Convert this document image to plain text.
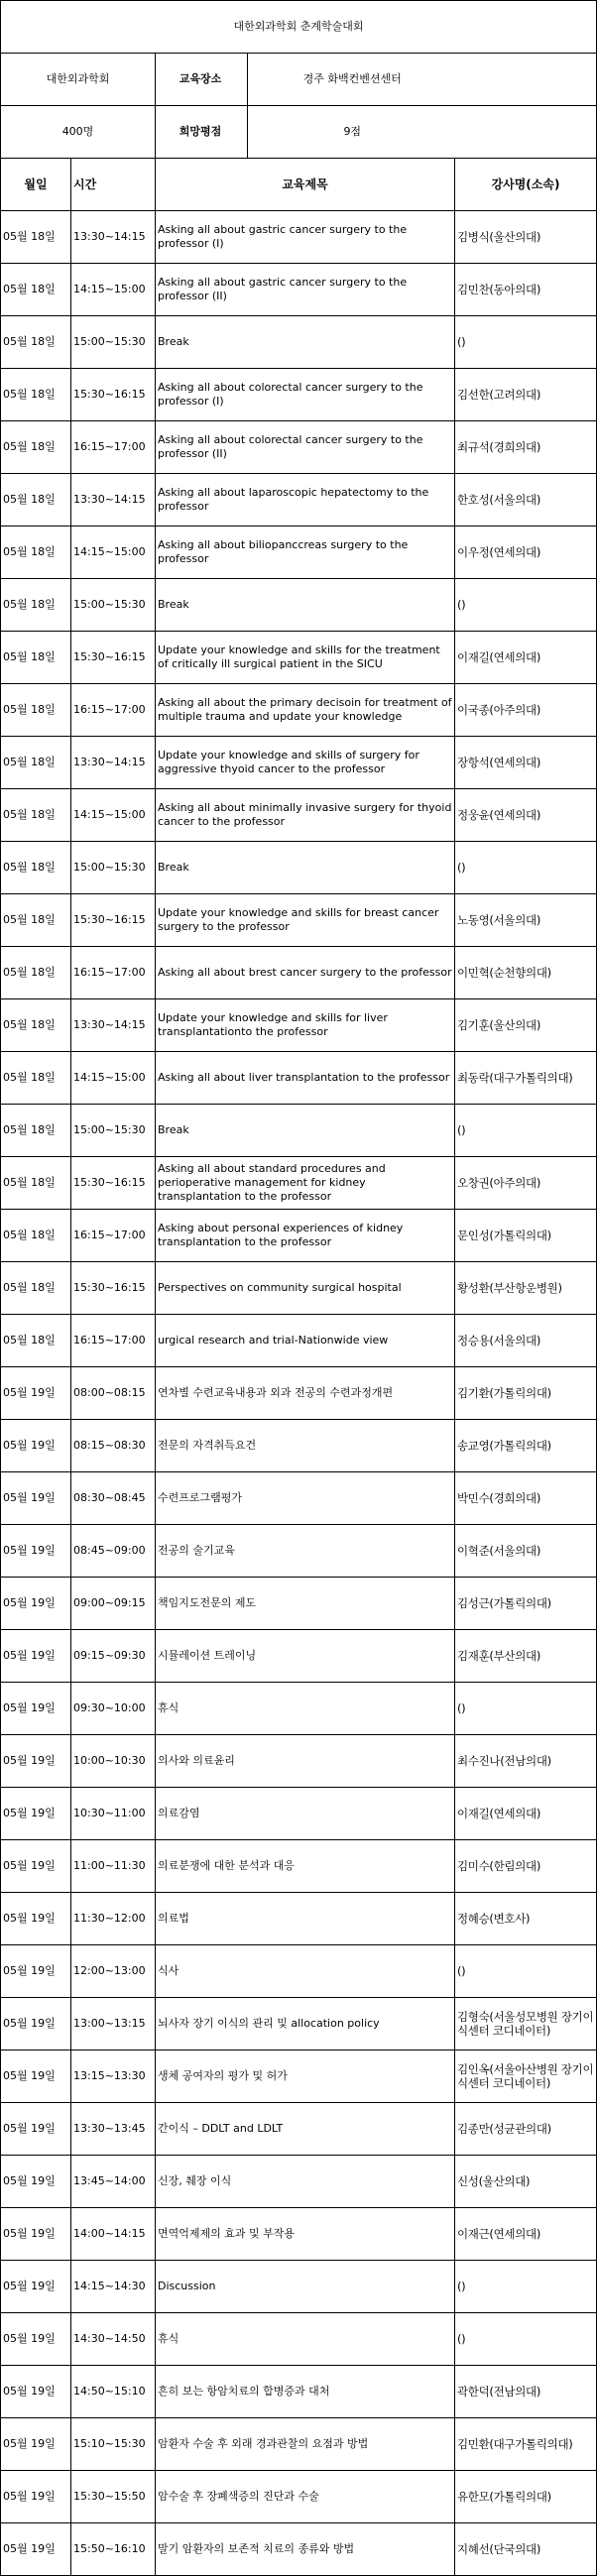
대한외과학회 춘계학술대회			
대한외과학회		교육장소 경주 화백컨벤션센터	

400명		희망평점 9점	

월일	시간	교육제목	강사명(소속)
05월 18일	13:30~14:15	Asking all about gastric cancer surgery to the professor (I)	김병식(울산의대)
05월 18일	14:15~15:00	Asking all about gastric cancer surgery to the professor (II)	김민찬(동아의대)
05월 18일	15:00~15:30	Break	()
05월 18일	15:30~16:15	Asking all about colorectal cancer surgery to the professor (I)	김선한(고려의대)
05월 18일	16:15~17:00	Asking all about colorectal cancer surgery to the professor (II)	최규석(경희의대)
05월 18일	13:30~14:15	Asking all about laparoscopic hepatectomy to the professor	한호성(서울의대)
05월 18일	14:15~15:00	Asking all about biliopanccreas surgery to the professor	이우정(연세의대)
05월 18일	15:00~15:30	Break	()
05월 18일	15:30~16:15	Update your knowledge and skills for the treatment of critically ill surgical patient in the SICU	이재길(연세의대)
05월 18일	16:15~17:00	Asking all about the primary decisoin for treatment of multiple trauma and update your knowledge	이국종(아주의대)
05월 18일	13:30~14:15	Update your knowledge and skills of surgery for aggressive thyoid cancer to the professor	장항석(연세의대)
05월 18일	14:15~15:00	Asking all about minimally invasive surgery for thyoid cancer to the professor	정웅윤(연세의대)
05월 18일	15:00~15:30	Break	()
05월 18일	15:30~16:15	Update your knowledge and skills for breast cancer surgery to the professor	노동영(서울의대)
05월 18일	16:15~17:00	Asking all about brest cancer surgery to the professor	이민혁(순천향의대)
05월 18일	13:30~14:15	Update your knowledge and skills for liver transplantationto the professor	김기훈(울산의대)
05월 18일	14:15~15:00	Asking all about liver transplantation to the professor	최동락(대구가톨릭의대)
05월 18일	15:00~15:30	Break	()
05월 18일	15:30~16:15	Asking all about standard procedures and perioperative management for kidney transplantation to the professor	오창권(아주의대)
05월 18일	16:15~17:00	Asking about personal experiences of kidney transplantation to the professor	문인성(가톨릭의대)
05월 18일	15:30~16:15	Perspectives on community surgical hospital	황성환(부산항운병원)
05월 18일	16:15~17:00	urgical research and trial-Nationwide view	정승용(서울의대)
05월 19일	08:00~08:15	연차별 수련교육내용과 외과 전공의 수련과정개편	김기환(가톨릭의대)
05월 19일	08:15~08:30	전문의 자격취득요건	송교영(가톨릭의대)
05월 19일	08:30~08:45	수련프로그램평가	박민수(경희의대)
05월 19일	08:45~09:00	전공의 술기교육	이혁준(서울의대)
05월 19일	09:00~09:15	책임지도전문의 제도	김성근(가톨릭의대)
05월 19일	09:15~09:30	시뮬레이션 트레이닝	김재훈(부산의대)
05월 19일	09:30~10:00	휴식	()
05월 19일	10:00~10:30	의사와 의료윤리	최수진나(전남의대)
05월 19일	10:30~11:00	의료감염	이재길(연세의대)
05월 19일	11:00~11:30	의료분쟁에 대한 분석과 대응	김미수(한림의대)
05월 19일	11:30~12:00	의료법	정혜승(변호사)
05월 19일	12:00~13:00	식사	()
05월 19일	13:00~13:15	뇌사자 장기 이식의 관리 및 allocation policy	김형숙(서울성모병원 장기이식센터 코디네이터)
05월 19일	13:15~13:30	생체 공여자의 평가 및 허가	김인옥(서울아산병원 장기이식센터 코디네이터)
05월 19일	13:30~13:45	간이식 – DDLT and LDLT	김종만(성균관의대)
05월 19일	13:45~14:00	신장, 췌장 이식	신성(울산의대)
05월 19일	14:00~14:15	면역억제제의 효과 및 부작용	이재근(연세의대)
05월 19일	14:15~14:30	Discussion	()
05월 19일	14:30~14:50	휴식	()
05월 19일	14:50~15:10	흔히 보는 항암치료의 합병증과 대처	곽한덕(전남의대)
05월 19일	15:10~15:30	암환자 수술 후 외래 경과관찰의 요점과 방법	김민환(대구가톨릭의대)
05월 19일	15:30~15:50	암수술 후 장폐색증의 진단과 수술	유한모(가톨릭의대)
05월 19일	15:50~16:10	말기 암환자의 보존적 치료의 종류와 방법	지혜선(단국의대)
